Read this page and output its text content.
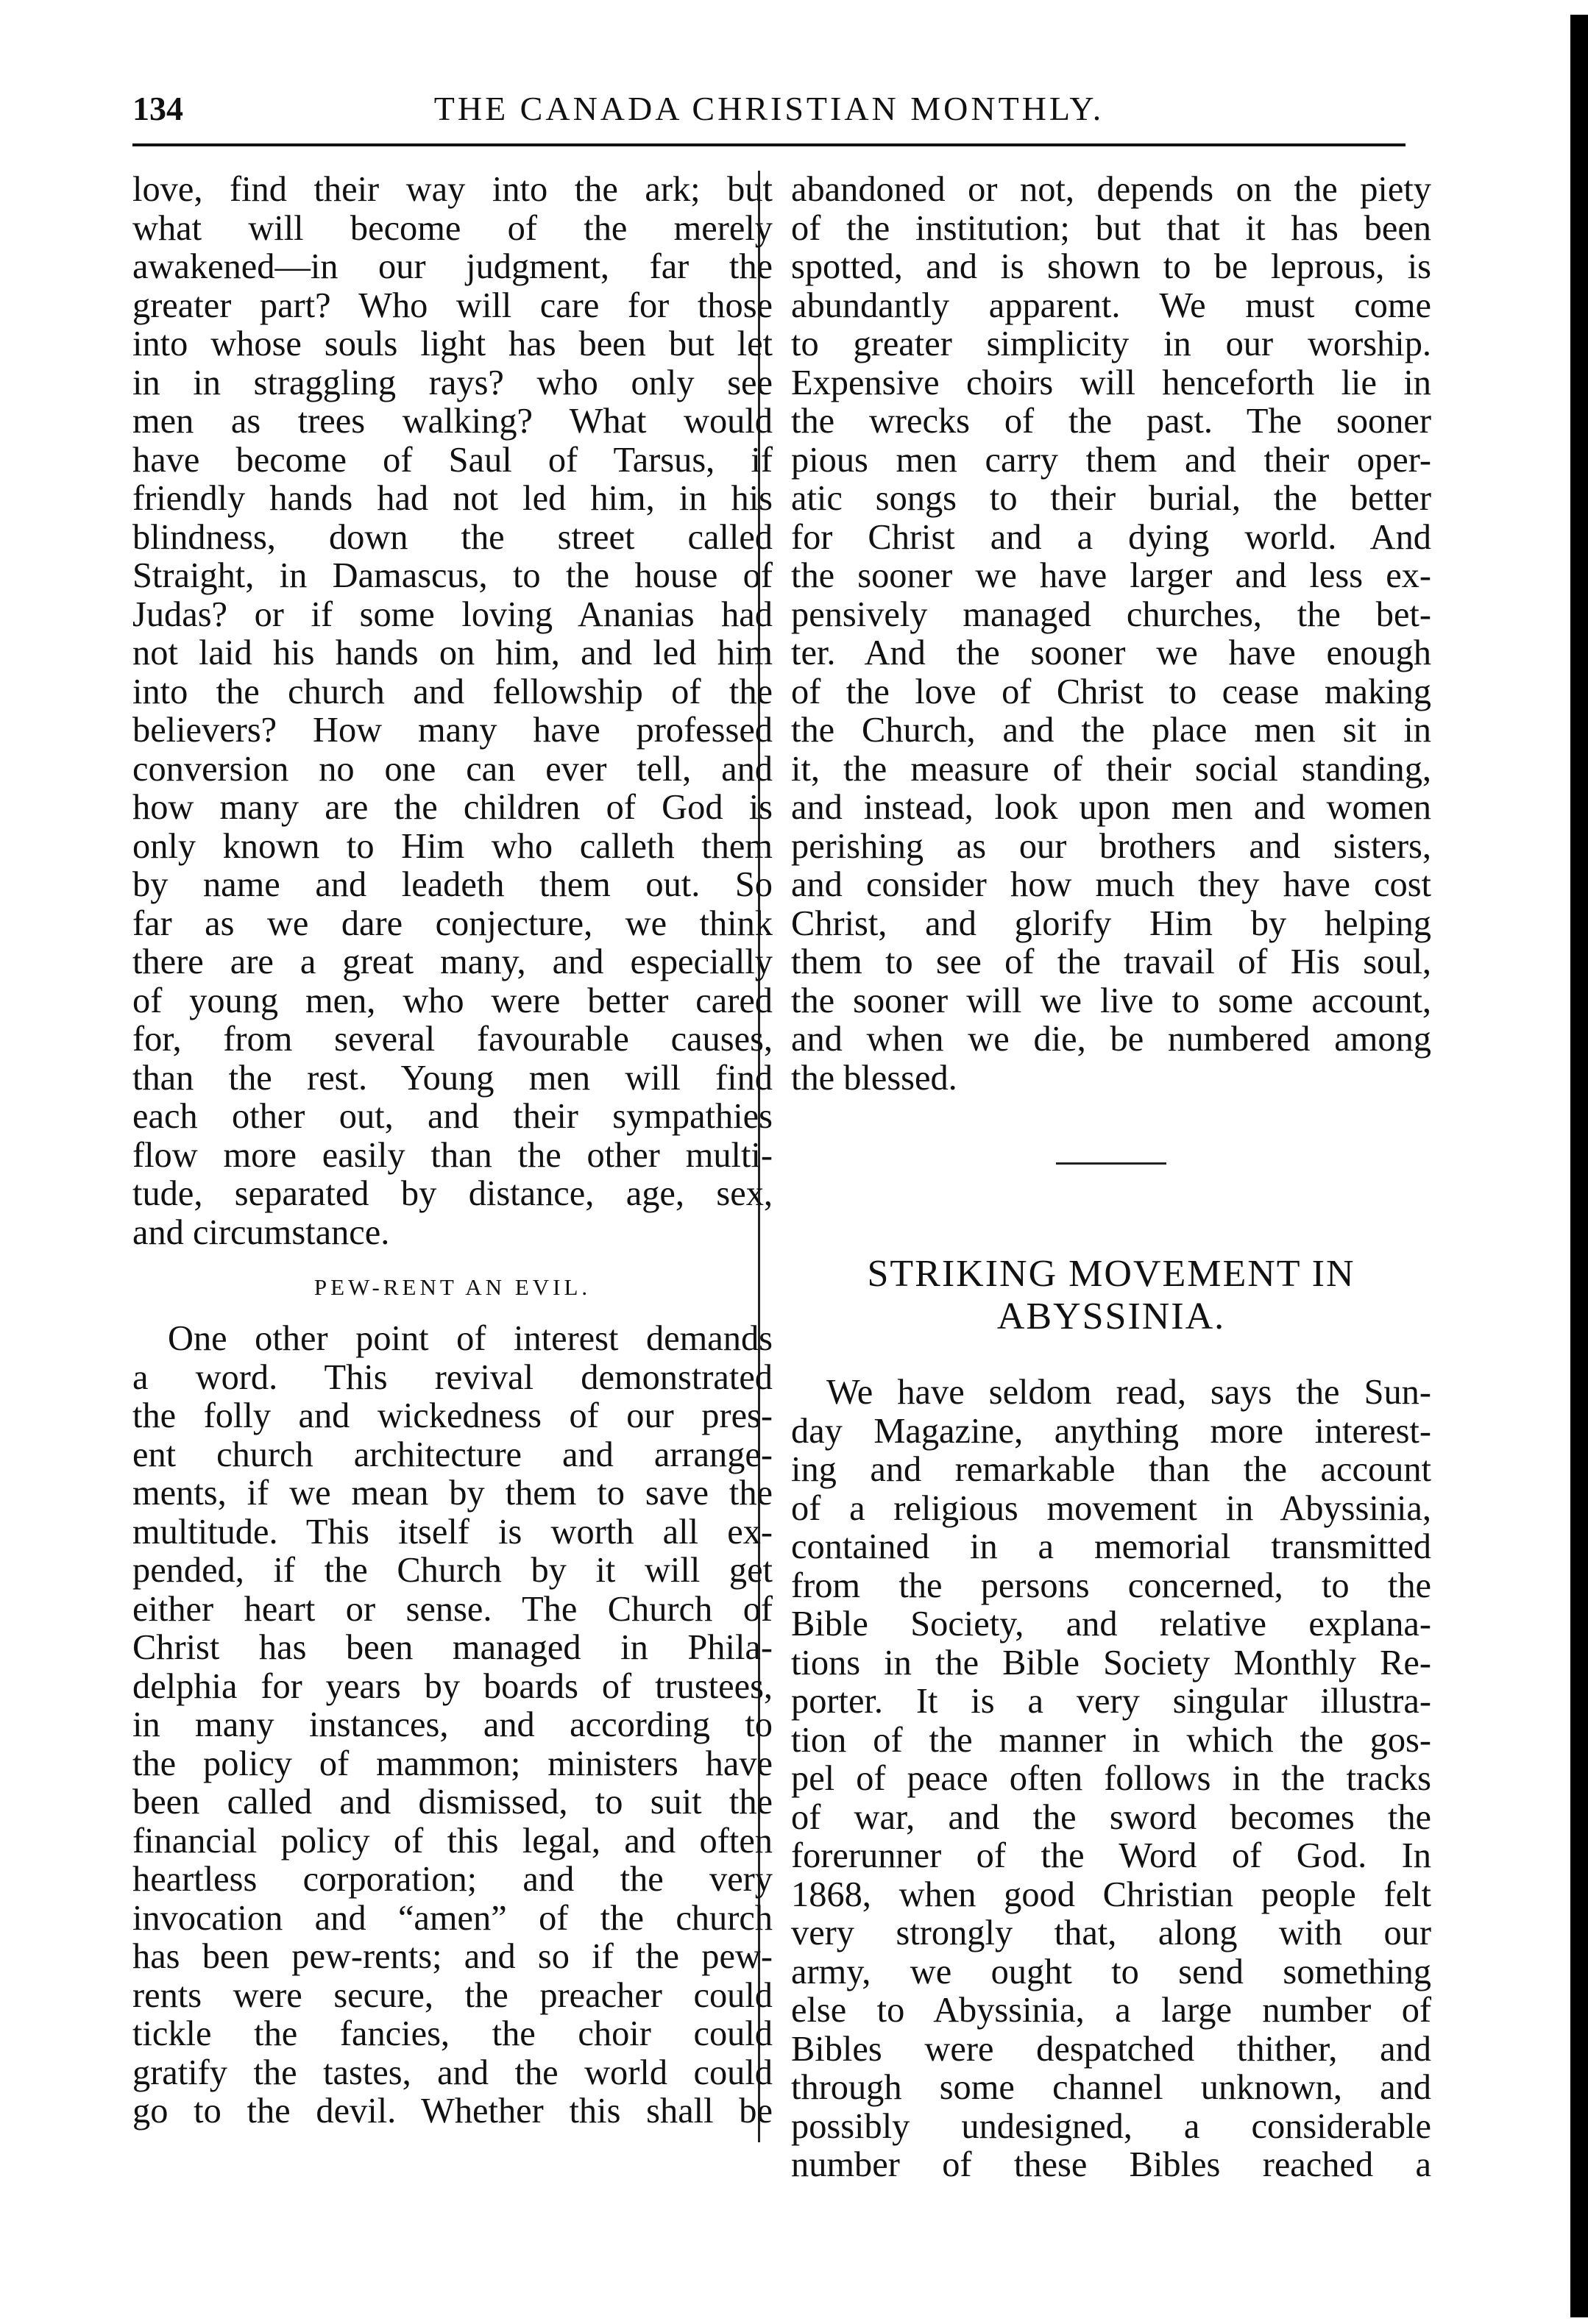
134	THE CANADA CHRISTIAN MONTHLY.
love, find their way into the ark; but
what will become of the merely
awakened—in our judgment, far the
greater part? Who will care for those
into whose souls light has been but let
in in straggling rays? who only see
men as trees walking? What would
have become of Saul of Tarsus, if
friendly hands had not led him, in his
blindness, down the street called
Straight, in Damascus, to the house of
Judas? or if some loving Ananias had
not laid his hands on him, and led him
into the church and fellowship of the
believers? How many have professed
conversion no one can ever tell, and
how many are the children of God is
only known to Him who calleth them
by name and leadeth them out. So
far as we dare conjecture, we think
there are a great many, and especially
of young men, who were better cared
for, from several favourable causes,
than the rest. Young men will find
each other out, and their sympathies
flow more easily than the other multi-
tude, separated by distance, age, sex,
and circumstance.
PEW-RENT AN EVIL.
One other point of interest demands
a word. This revival demonstrated
the folly and wickedness of our pres-
ent church architecture and arrange-
ments, if we mean by them to save the
multitude. This itself is worth all ex-
pended, if the Church by it will get
either heart or sense. The Church of
Christ has been managed in Phila-
delphia for years by boards of trustees,
in many instances, and according to
the policy of mammon; ministers have
been called and dismissed, to suit the
financial policy of this legal, and often
heartless corporation; and the very
invocation and “amen” of the church
has been pew-rents; and so if the pew-
rents were secure, the preacher could
tickle the fancies, the choir could
gratify the tastes, and the world could
go to the devil. Whether this shall be
abandoned or not, depends on the piety
of the institution; but that it has been
spotted, and is shown to be leprous, is
abundantly apparent. We must come
to greater simplicity in our worship.
Expensive choirs will henceforth lie in
the wrecks of the past. The sooner
pious men carry them and their oper-
atic songs to their burial, the better
for Christ and a dying world. And
the sooner we have larger and less ex-
pensively managed churches, the bet-
ter. And the sooner we have enough
of the love of Christ to cease making
the Church, and the place men sit in
it, the measure of their social standing,
and instead, look upon men and women
perishing as our brothers and sisters,
and consider how much they have cost
Christ, and glorify Him by helping
them to see of the travail of His soul,
the sooner will we live to some account,
and when we die, be numbered among
the blessed.
STRIKING MOVEMENT IN
ABYSSINIA.
We have seldom read, says the Sun-
day Magazine, anything more interest-
ing and remarkable than the account
of a religious movement in Abyssinia,
contained in a memorial transmitted
from the persons concerned, to the
Bible Society, and relative explana-
tions in the Bible Society Monthly Re-
porter. It is a very singular illustra-
tion of the manner in which the gos-
pel of peace often follows in the tracks
of war, and the sword becomes the
forerunner of the Word of God. In
1868, when good Christian people felt
very strongly that, along with our
army, we ought to send something
else to Abyssinia, a large number of
Bibles were despatched thither, and
through some channel unknown, and
possibly undesigned, a considerable
number of these Bibles reached a
